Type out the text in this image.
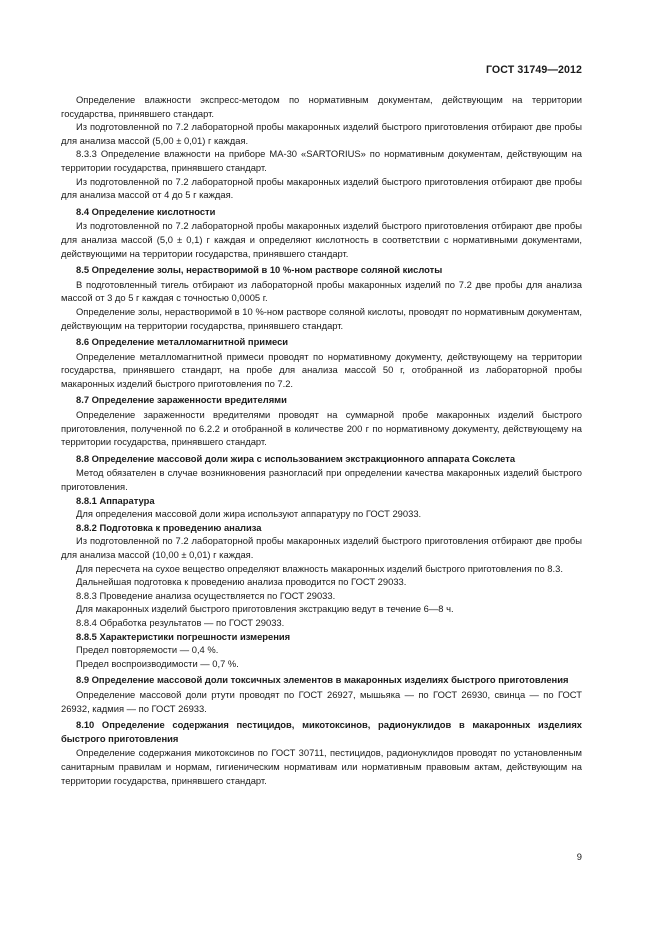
ГОСТ 31749—2012

Определение влажности экспресс-методом по нормативным документам, действующим на территории государства, принявшего стандарт.

Из подготовленной по 7.2 лабораторной пробы макаронных изделий быстрого приготовления отбирают две пробы для анализа массой (5,00 ± 0,01) г каждая.

8.3.3 Определение влажности на приборе МА-30 «SARTORIUS» по нормативным документам, действующим на территории государства, принявшего стандарт.

Из подготовленной по 7.2 лабораторной пробы макаронных изделий быстрого приготовления отбирают две пробы для анализа массой от 4 до 5 г каждая.

8.4 Определение кислотности

Из подготовленной по 7.2 лабораторной пробы макаронных изделий быстрого приготовления отбирают две пробы для анализа массой (5,0 ± 0,1) г каждая и определяют кислотность в соответствии с нормативными документами, действующими на территории государства, принявшего стандарт.

8.5 Определение золы, нерастворимой в 10 %-ном растворе соляной кислоты

В подготовленный тигель отбирают из лабораторной пробы макаронных изделий по 7.2 две пробы для анализа массой от 3 до 5 г каждая с точностью 0,0005 г.

Определение золы, нерастворимой в 10 %-ном растворе соляной кислоты, проводят по нормативным документам, действующим на территории государства, принявшего стандарт.

8.6 Определение металломагнитной примеси

Определение металломагнитной примеси проводят по нормативному документу, действующему на территории государства, принявшего стандарт, на пробе для анализа массой 50 г, отобранной из лабораторной пробы макаронных изделий быстрого приготовления по 7.2.

8.7 Определение зараженности вредителями

Определение зараженности вредителями проводят на суммарной пробе макаронных изделий быстрого приготовления, полученной по 6.2.2 и отобранной в количестве 200 г по нормативному документу, действующему на территории государства, принявшего стандарт.

8.8 Определение массовой доли жира с использованием экстракционного аппарата Сокслета

Метод обязателен в случае возникновения разногласий при определении качества макаронных изделий быстрого приготовления.

8.8.1 Аппаратура

Для определения массовой доли жира используют аппаратуру по ГОСТ 29033.

8.8.2 Подготовка к проведению анализа

Из подготовленной по 7.2 лабораторной пробы макаронных изделий быстрого приготовления отбирают две пробы для анализа массой (10,00 ± 0,01) г каждая.

Для пересчета на сухое вещество определяют влажность макаронных изделий быстрого приготовления по 8.3.

Дальнейшая подготовка к проведению анализа проводится по ГОСТ 29033.

8.8.3 Проведение анализа осуществляется по ГОСТ 29033.

Для макаронных изделий быстрого приготовления экстракцию ведут в течение 6—8 ч.

8.8.4 Обработка результатов — по ГОСТ 29033.

8.8.5 Характеристики погрешности измерения

Предел повторяемости — 0,4 %.

Предел воспроизводимости — 0,7 %.

8.9 Определение массовой доли токсичных элементов в макаронных изделиях быстрого приготовления

Определение массовой доли ртути проводят по ГОСТ 26927, мышьяка — по ГОСТ 26930, свинца — по ГОСТ 26932, кадмия — по ГОСТ 26933.

8.10 Определение содержания пестицидов, микотоксинов, радионуклидов в макаронных изделиях быстрого приготовления

Определение содержания микотоксинов по ГОСТ 30711, пестицидов, радионуклидов проводят по установленным санитарным правилам и нормам, гигиеническим нормативам или нормативным правовым актам, действующим на территории государства, принявшего стандарт.

9
